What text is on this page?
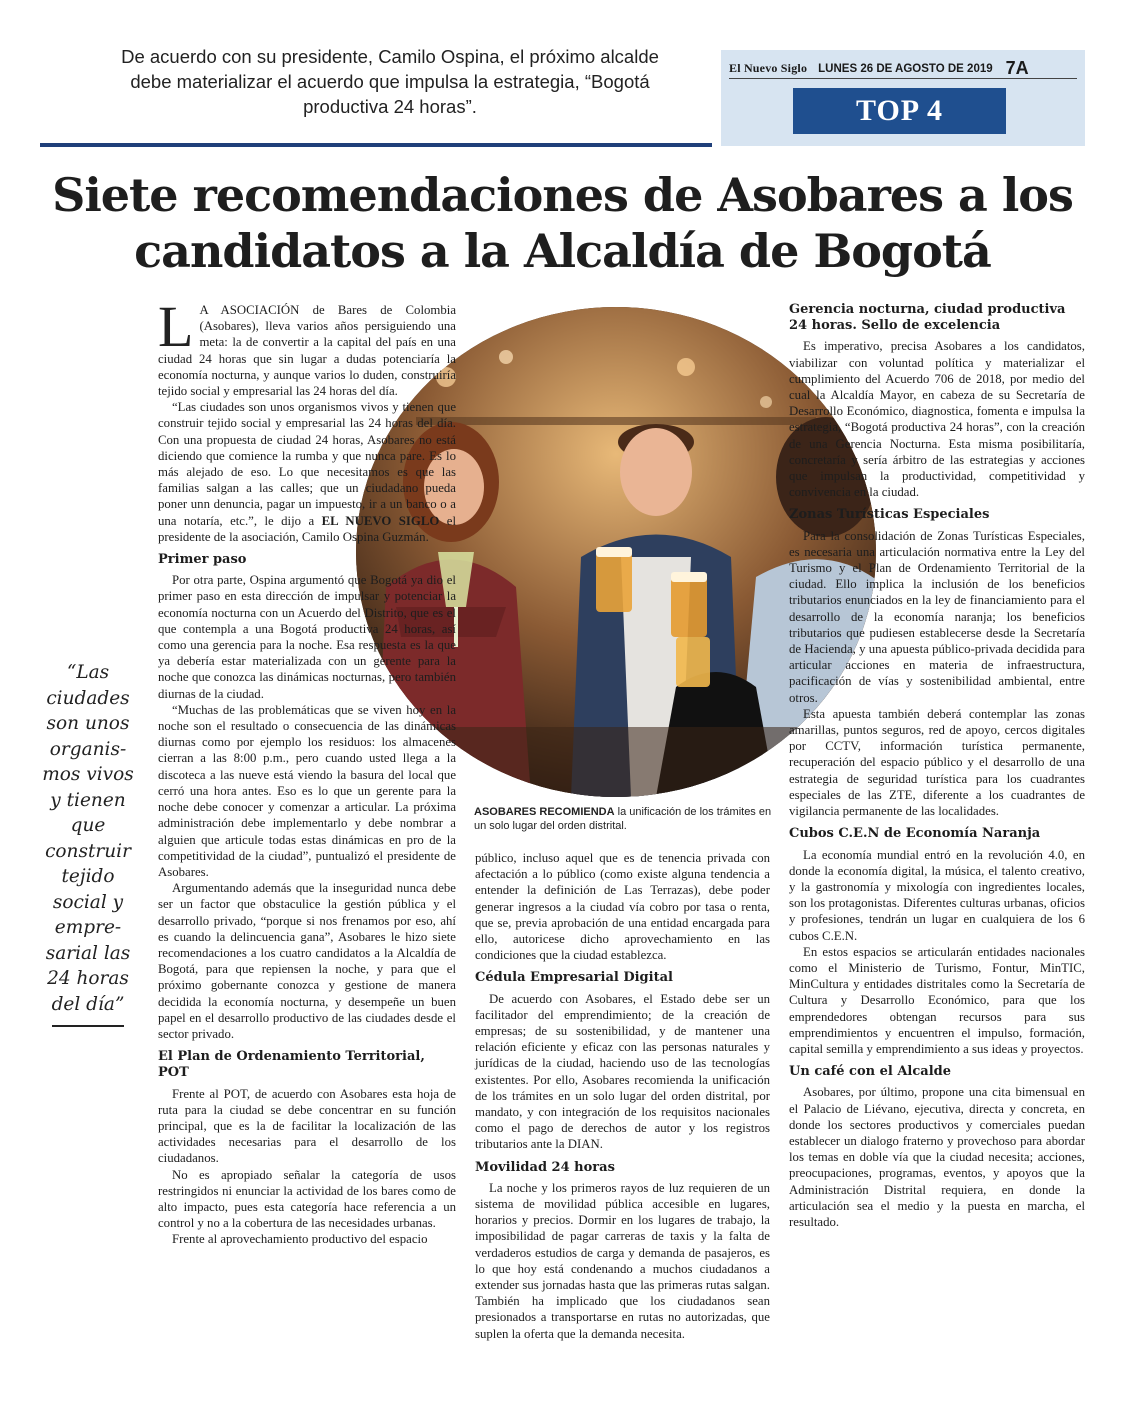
De acuerdo con su presidente, Camilo Ospina, el próximo alcalde debe materializar el acuerdo que impulsa la estrategia, “Bogotá productiva 24 horas”.
El Nuevo Siglo LUNES 26 DE AGOSTO DE 2019 7A
TOP 4
Siete recomendaciones de Asobares a los candidatos a la Alcaldía de Bogotá
ASOBARES RECOMIENDA la unificación de los trámites en un solo lugar del orden distrital.
“Las ciudades son unos organis-mos vivos y tienen que construir tejido social y empre-sarial las 24 horas del día”

L A ASOCIACIÓN de Bares de Colombia (Asobares), lleva varios años persiguiendo una meta: la de convertir a la capital del país en una ciudad 24 horas que sin lugar a dudas potenciaría la economía nocturna, y aunque varios lo duden, construiría tejido social y empresarial las 24 horas del día.

“Las ciudades son unos organismos vivos y tienen que construir tejido social y empresarial las 24 horas del día. Con una propuesta de ciudad 24 horas, Asobares no está diciendo que comience la rumba y que nunca pare. Es lo más alejado de eso. Lo que necesitamos es que las familias salgan a las calles; que un ciudadano pueda poner unn denuncia, pagar un impuesto, ir a un banco o a una notaría, etc.”, le dijo a EL NUEVO SIGLO el presidente de la asociación, Camilo Ospina Guzmán.

Primer paso

Por otra parte, Ospina argumentó que Bogotá ya dio el primer paso en esta dirección de impulsar y potenciar la economía nocturna con un Acuerdo del Distrito, que es el que contempla a una Bogotá productiva 24 horas, así como una gerencia para la noche. Esa respuesta es la que ya debería estar materializada con un gerente para la noche que conozca las dinámicas nocturnas, pero también diurnas de la ciudad.

“Muchas de las problemáticas que se viven hoy en la noche son el resultado o consecuencia de las dinámicas diurnas como por ejemplo los residuos: los almacenes cierran a las 8:00 p.m., pero cuando usted llega a la discoteca a las nueve está viendo la basura del local que cerró una hora antes. Eso es lo que un gerente para la noche debe conocer y comenzar a articular. La próxima administración debe implementarlo y debe nombrar a alguien que articule todas estas dinámicas en pro de la competitividad de la ciudad”, puntualizó el presidente de Asobares.

Argumentando además que la inseguridad nunca debe ser un factor que obstaculice la gestión pública y el desarrollo privado, “porque si nos frenamos por eso, ahí es cuando la delincuencia gana”, Asobares le hizo siete recomendaciones a los cuatro candidatos a la Alcaldía de Bogotá, para que repiensen la noche, y para que el próximo gobernante conozca y gestione de manera decidida la economía nocturna, y desempeñe un buen papel en el desarrollo productivo de las ciudades desde el sector privado.

El Plan de Ordenamiento Territorial, POT

Frente al POT, de acuerdo con Asobares esta hoja de ruta para la ciudad se debe concentrar en su función principal, que es la de facilitar la localización de las actividades necesarias para el desarrollo de los ciudadanos.

No es apropiado señalar la categoría de usos restringidos ni enunciar la actividad de los bares como de alto impacto, pues esta categoría hace referencia a un control y no a la cobertura de las necesidades urbanas.

Frente al aprovechamiento productivo del espacio

público, incluso aquel que es de tenencia privada con afectación a lo público (como existe alguna tendencia a entender la definición de Las Terrazas), debe poder generar ingresos a la ciudad vía cobro por tasa o renta, que se, previa aprobación de una entidad encargada para ello, autoricese dicho aprovechamiento en las condiciones que la ciudad establezca.

Cédula Empresarial Digital

De acuerdo con Asobares, el Estado debe ser un facilitador del emprendimiento; de la creación de empresas; de su sostenibilidad, y de mantener una relación eficiente y eficaz con las personas naturales y jurídicas de la ciudad, haciendo uso de las tecnologías existentes. Por ello, Asobares recomienda la unificación de los trámites en un solo lugar del orden distrital, por mandato, y con integración de los requisitos nacionales como el pago de derechos de autor y los registros tributarios ante la DIAN.

Movilidad 24 horas

La noche y los primeros rayos de luz requieren de un sistema de movilidad pública accesible en lugares, horarios y precios. Dormir en los lugares de trabajo, la imposibilidad de pagar carreras de taxis y la falta de verdaderos estudios de carga y demanda de pasajeros, es lo que hoy está condenando a muchos ciudadanos a extender sus jornadas hasta que las primeras rutas salgan. También ha implicado que los ciudadanos sean presionados a transportarse en rutas no autorizadas, que suplen la oferta que la demanda necesita.

Gerencia nocturna, ciudad productiva 24 horas. Sello de excelencia

Es imperativo, precisa Asobares a los candidatos, viabilizar con voluntad política y materializar el cumplimiento del Acuerdo 706 de 2018, por medio del cual la Alcaldía Mayor, en cabeza de su Secretaría de Desarrollo Económico, diagnostica, fomenta e impulsa la estrategia, “Bogotá productiva 24 horas”, con la creación de una Gerencia Nocturna. Esta misma posibilitaría, concretaría y sería árbitro de las estrategias y acciones que impulsan la productividad, competitividad y convivencia en la ciudad.

Zonas Turísticas Especiales

Para la consolidación de Zonas Turísticas Especiales, es necesaria una articulación normativa entre la Ley del Turismo y el Plan de Ordenamiento Territorial de la ciudad. Ello implica la inclusión de los beneficios tributarios enunciados en la ley de financiamiento para el desarrollo de la economía naranja; los beneficios tributarios que pudiesen establecerse desde la Secretaría de Hacienda, y una apuesta público-privada decidida para articular acciones en materia de infraestructura, pacificación de vías y sostenibilidad ambiental, entre otros.

Esta apuesta también deberá contemplar las zonas amarillas, puntos seguros, red de apoyo, cercos digitales por CCTV, información turística permanente, recuperación del espacio público y el desarrollo de una estrategia de seguridad turística para los cuadrantes especiales de las ZTE, diferente a los cuadrantes de vigilancia permanente de las localidades.

Cubos C.E.N de Economía Naranja

La economía mundial entró en la revolución 4.0, en donde la economía digital, la música, el talento creativo, y la gastronomía y mixología con ingredientes locales, son los protagonistas. Diferentes culturas urbanas, oficios y profesiones, tendrán un lugar en cualquiera de los 6 cubos C.E.N.

En estos espacios se articularán entidades nacionales como el Ministerio de Turismo, Fontur, MinTIC, MinCultura y entidades distritales como la Secretaría de Cultura y Desarrollo Económico, para que los emprendedores obtengan recursos para sus emprendimientos y encuentren el impulso, formación, capital semilla y emprendimiento a sus ideas y proyectos.

Un café con el Alcalde

Asobares, por último, propone una cita bimensual en el Palacio de Liévano, ejecutiva, directa y concreta, en donde los sectores productivos y comerciales puedan establecer un dialogo fraterno y provechoso para abordar los temas en doble vía que la ciudad necesita; acciones, preocupaciones, programas, eventos, y apoyos que la Administración Distrital requiera, en donde la articulación sea el medio y la puesta en marcha, el resultado.
